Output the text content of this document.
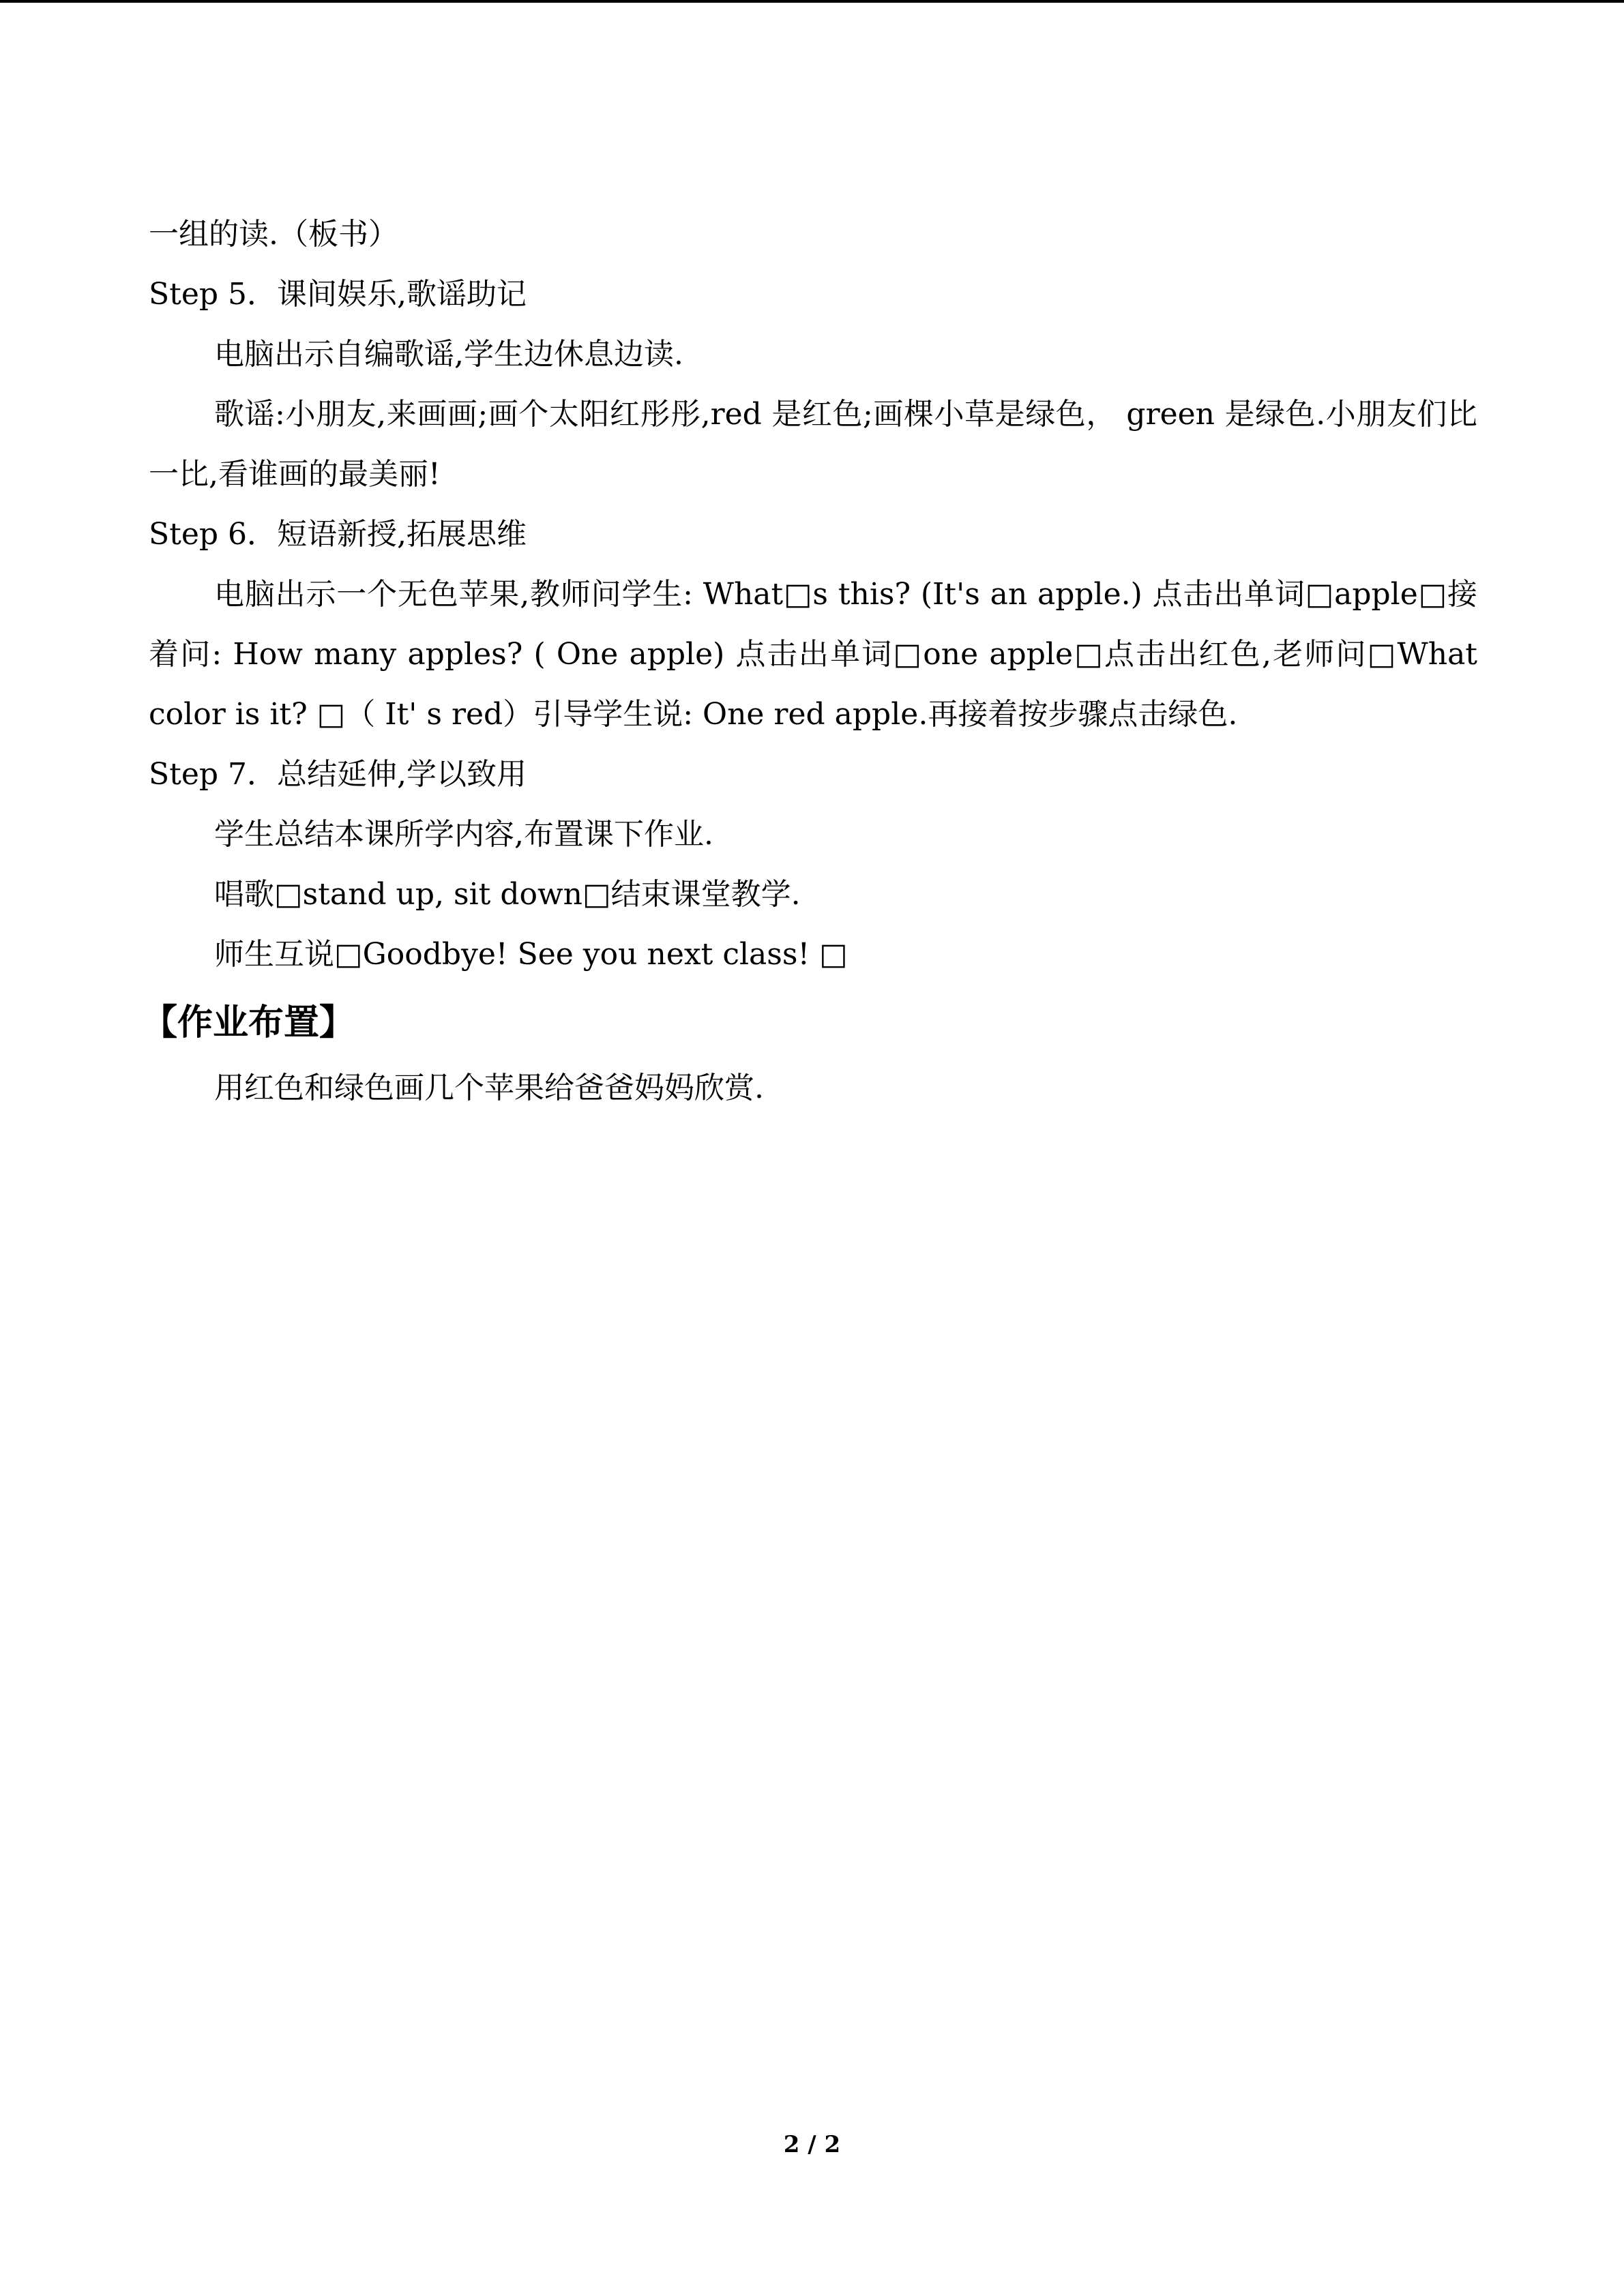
一组的读.（板书）
Step 5．课间娱乐,歌谣助记
电脑出示自编歌谣,学生边休息边读.
歌谣:小朋友,来画画;画个太阳红彤彤,red 是红色;画棵小草是绿色， green 是绿色.小朋友们比一比,看谁画的最美丽!
Step 6．短语新授,拓展思维
电脑出示一个无色苹果,教师问学生: What□s this? (It's an apple.) 点击出单词□apple□接着问: How many apples? ( One apple) 点击出单词□one apple□点击出红色,老师问□What color is it? □（ It' s red）引导学生说: One red apple.再接着按步骤点击绿色.
Step 7．总结延伸,学以致用
学生总结本课所学内容,布置课下作业.
唱歌□stand up, sit down□结束课堂教学.
师生互说□Goodbye! See you next class! □
【作业布置】
用红色和绿色画几个苹果给爸爸妈妈欣赏.
2 / 2
